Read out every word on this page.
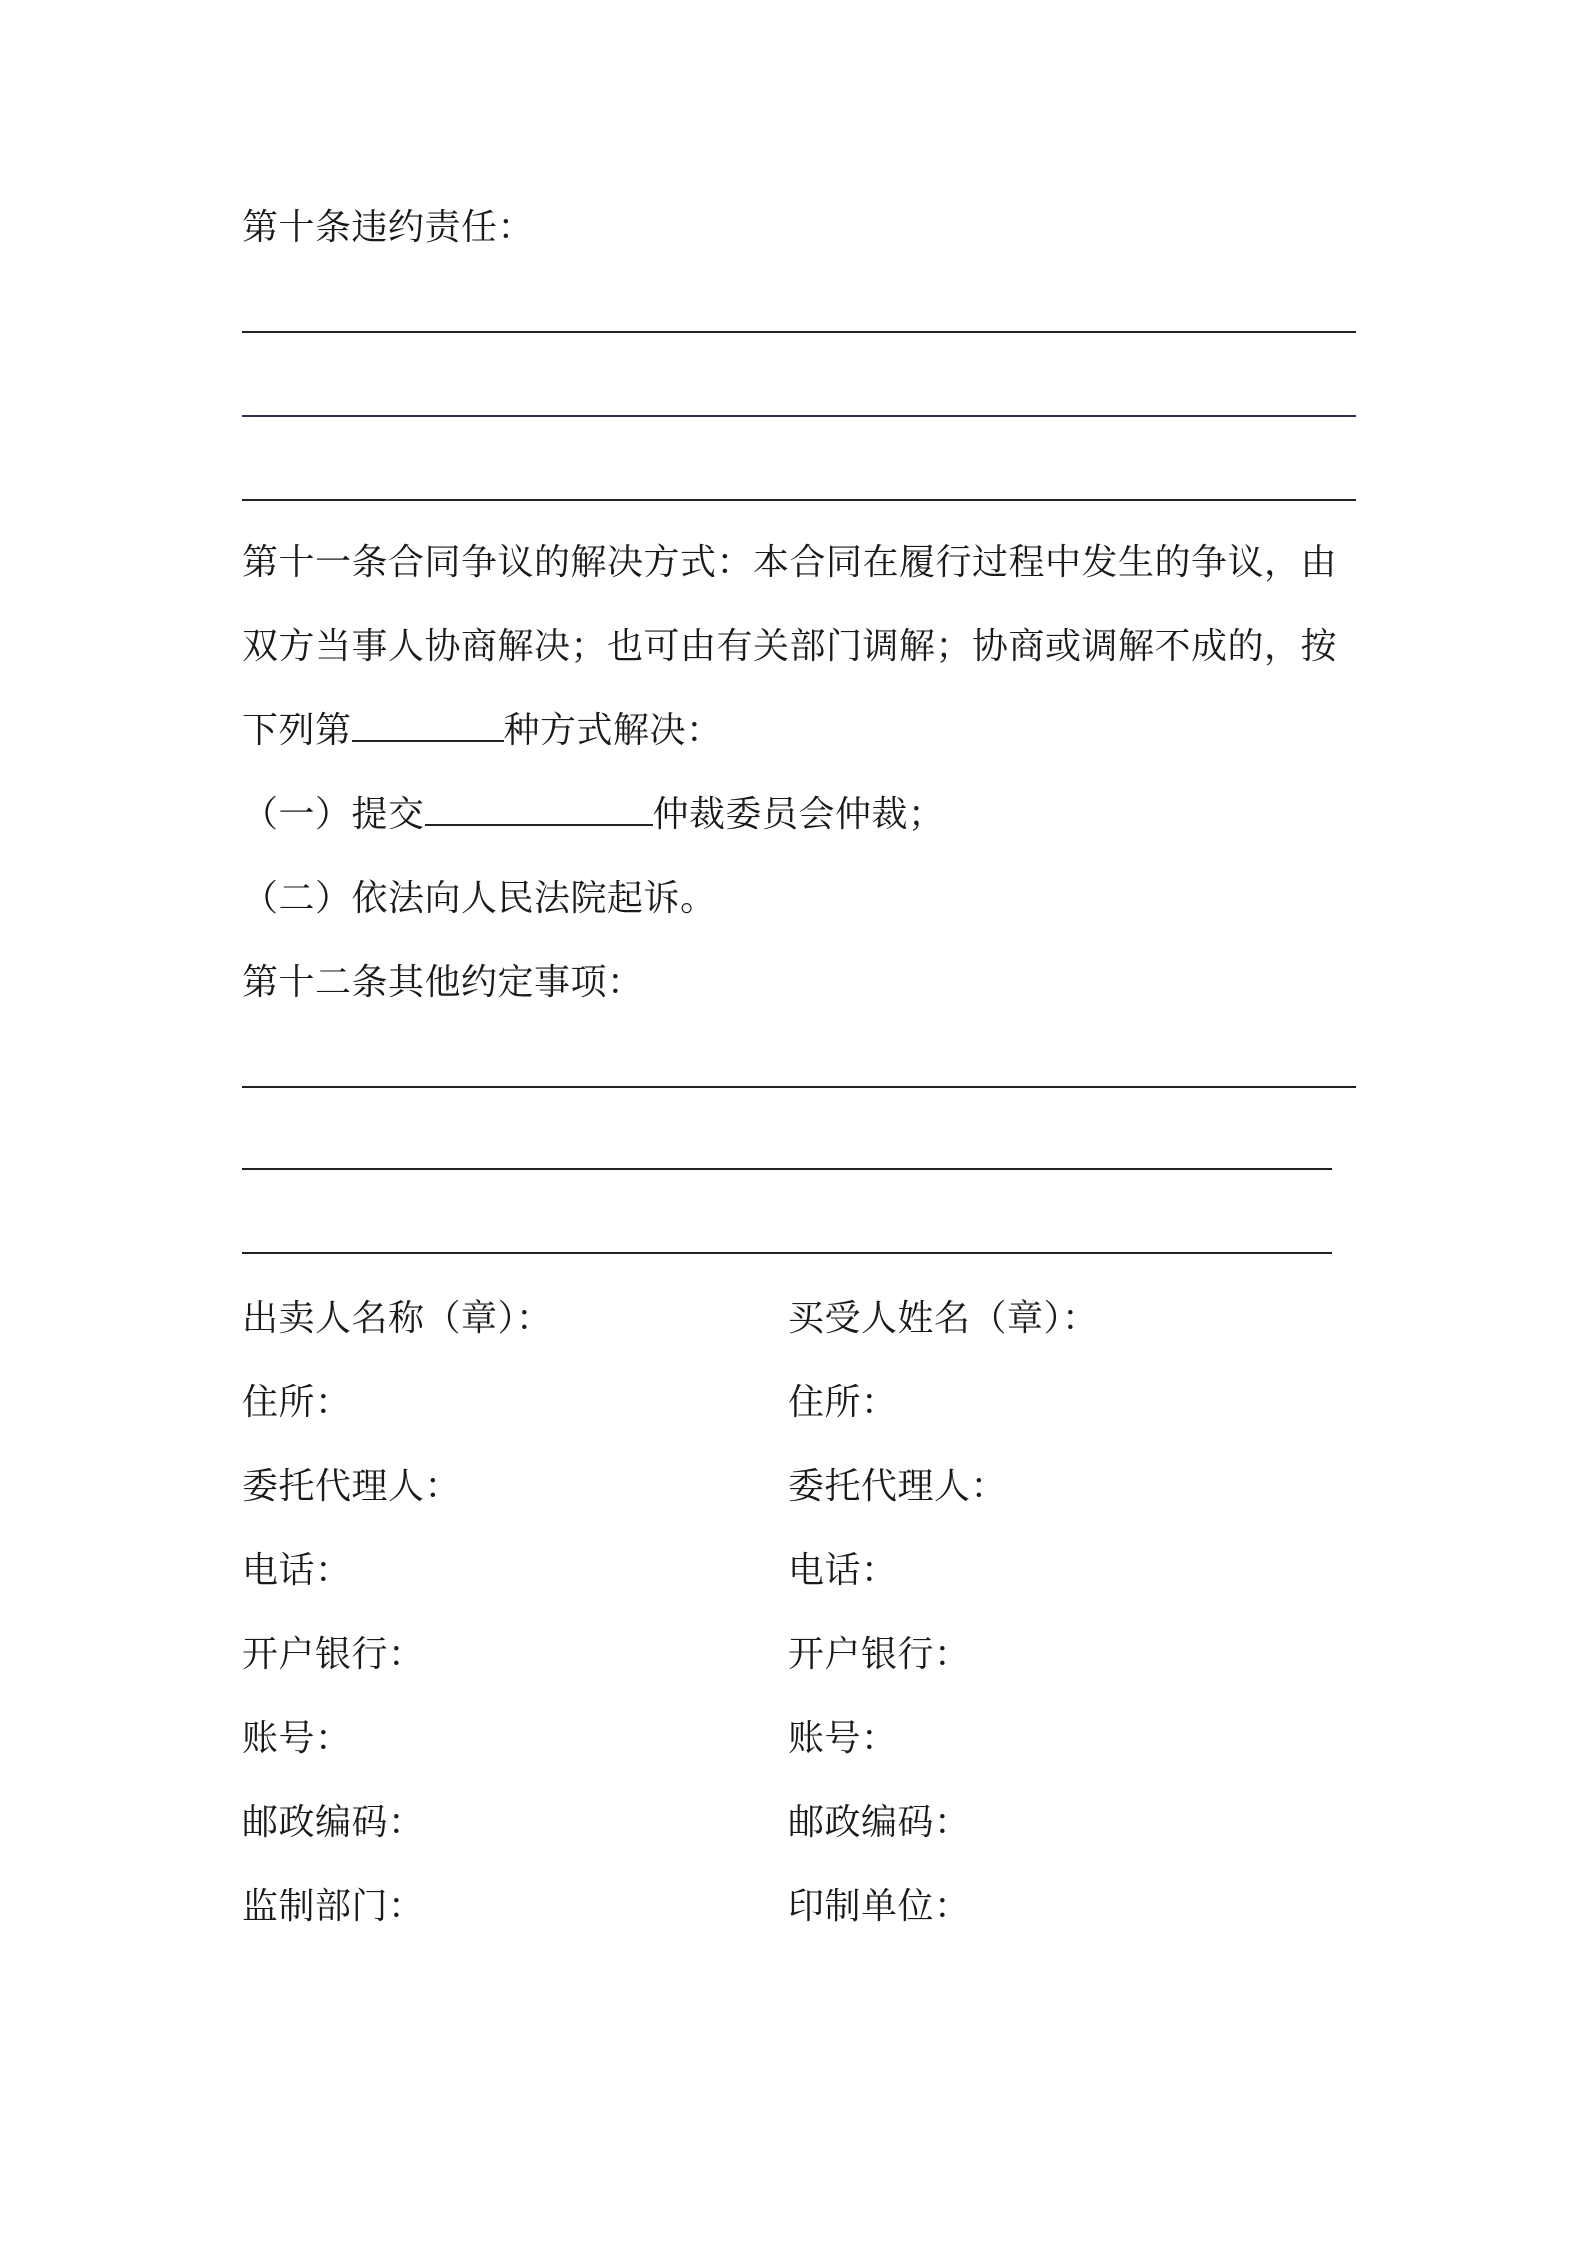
第十条违约责任：
第十一条合同争议的解决方式：本合同在履行过程中发生的争议，由
双方当事人协商解决；也可由有关部门调解；协商或调解不成的，按
下列第	种方式解决：
（一）提交	仲裁委员会仲裁；
（二）依法向人民法院起诉。
第十二条其他约定事项：
出卖人名称（章）：
住所：
委托代理人：
电话：
开户银行：
账号：
邮政编码：
监制部门：
买受人姓名（章）：
住所：
委托代理人：
电话：
开户银行：
账号：
邮政编码：
印制单位：
